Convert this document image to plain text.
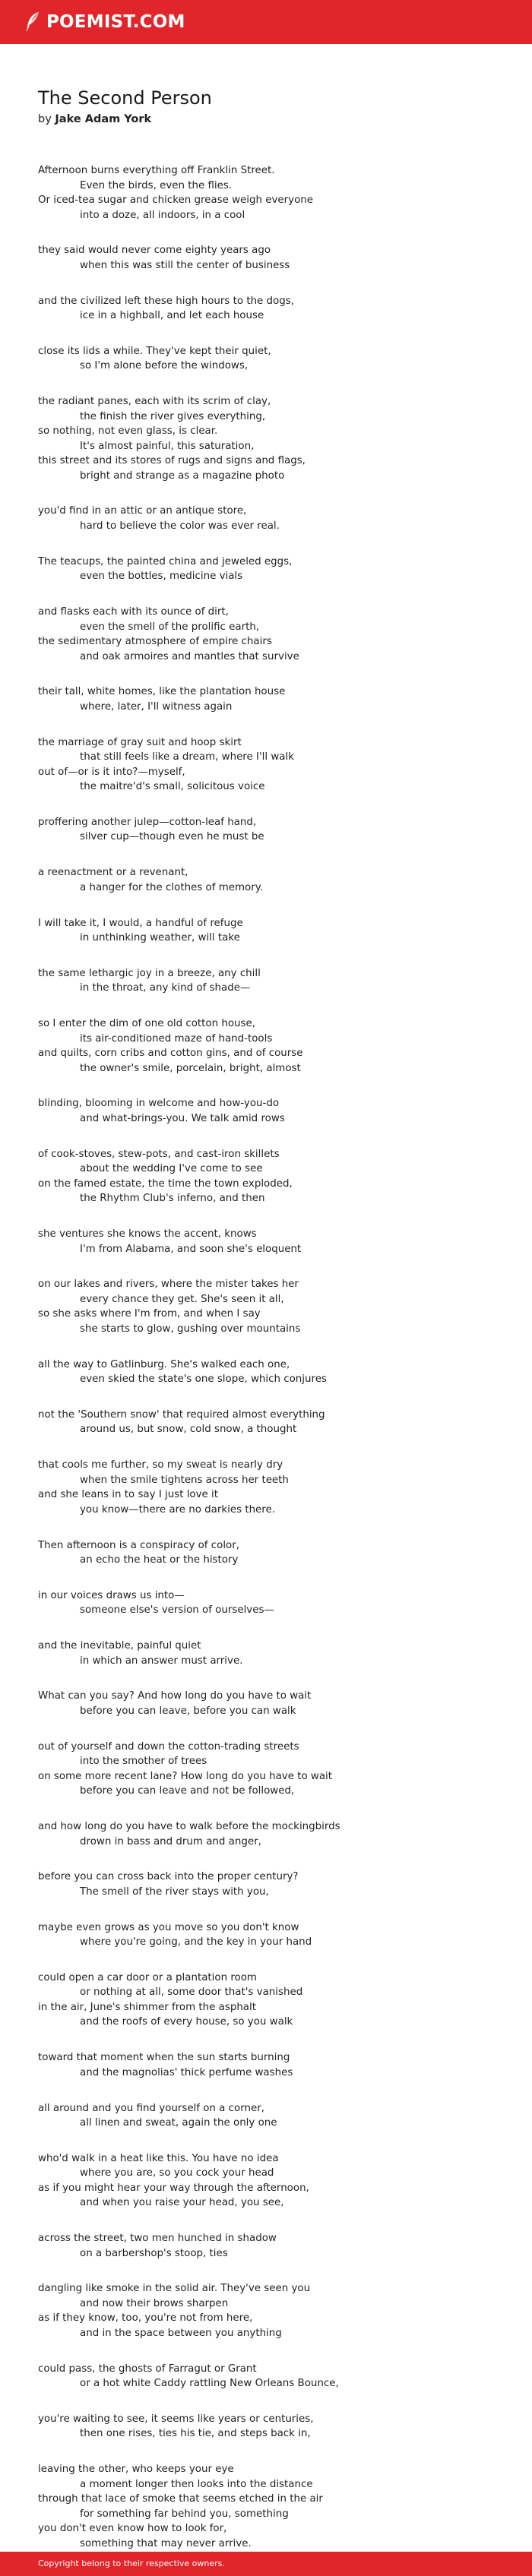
POEMIST.COM
The Second Person
by Jake Adam York
Afternoon burns everything off Franklin Street.
Even the birds, even the flies.
Or iced-tea sugar and chicken grease weigh everyone
into a doze, all indoors, in a cool
they said would never come eighty years ago
when this was still the center of business
and the civilized left these high hours to the dogs,
ice in a highball, and let each house
close its lids a while. They've kept their quiet,
so I'm alone before the windows,
the radiant panes, each with its scrim of clay,
the finish the river gives everything,
so nothing, not even glass, is clear.
It's almost painful, this saturation,
this street and its stores of rugs and signs and flags,
bright and strange as a magazine photo
you'd find in an attic or an antique store,
hard to believe the color was ever real.
The teacups, the painted china and jeweled eggs,
even the bottles, medicine vials
and flasks each with its ounce of dirt,
even the smell of the prolific earth,
the sedimentary atmosphere of empire chairs
and oak armoires and mantles that survive
their tall, white homes, like the plantation house
where, later, I'll witness again
the marriage of gray suit and hoop skirt
that still feels like a dream, where I'll walk
out of—or is it into?—myself,
the maitre'd's small, solicitous voice
proffering another julep—cotton-leaf hand,
silver cup—though even he must be
a reenactment or a revenant,
a hanger for the clothes of memory.
I will take it, I would, a handful of refuge
in unthinking weather, will take
the same lethargic joy in a breeze, any chill
in the throat, any kind of shade—
so I enter the dim of one old cotton house,
its air-conditioned maze of hand-tools
and quilts, corn cribs and cotton gins, and of course
the owner's smile, porcelain, bright, almost
blinding, blooming in welcome and how-you-do
and what-brings-you. We talk amid rows
of cook-stoves, stew-pots, and cast-iron skillets
about the wedding I've come to see
on the famed estate, the time the town exploded,
the Rhythm Club's inferno, and then
she ventures she knows the accent, knows
I'm from Alabama, and soon she's eloquent
on our lakes and rivers, where the mister takes her
every chance they get. She's seen it all,
so she asks where I'm from, and when I say
she starts to glow, gushing over mountains
all the way to Gatlinburg. She's walked each one,
even skied the state's one slope, which conjures
not the 'Southern snow' that required almost everything
around us, but snow, cold snow, a thought
that cools me further, so my sweat is nearly dry
when the smile tightens across her teeth
and she leans in to say I just love it
you know—there are no darkies there.
Then afternoon is a conspiracy of color,
an echo the heat or the history
in our voices draws us into—
someone else's version of ourselves—
and the inevitable, painful quiet
in which an answer must arrive.
What can you say? And how long do you have to wait
before you can leave, before you can walk
out of yourself and down the cotton-trading streets
into the smother of trees
on some more recent lane? How long do you have to wait
before you can leave and not be followed,
and how long do you have to walk before the mockingbirds
drown in bass and drum and anger,
before you can cross back into the proper century?
The smell of the river stays with you,
maybe even grows as you move so you don't know
where you're going, and the key in your hand
could open a car door or a plantation room
or nothing at all, some door that's vanished
in the air, June's shimmer from the asphalt
and the roofs of every house, so you walk
toward that moment when the sun starts burning
and the magnolias' thick perfume washes
all around and you find yourself on a corner,
all linen and sweat, again the only one
who'd walk in a heat like this. You have no idea
where you are, so you cock your head
as if you might hear your way through the afternoon,
and when you raise your head, you see,
across the street, two men hunched in shadow
on a barbershop's stoop, ties
dangling like smoke in the solid air. They've seen you
and now their brows sharpen
as if they know, too, you're not from here,
and in the space between you anything
could pass, the ghosts of Farragut or Grant
or a hot white Caddy rattling New Orleans Bounce,
you're waiting to see, it seems like years or centuries,
then one rises, ties his tie, and steps back in,
leaving the other, who keeps your eye
a moment longer then looks into the distance
through that lace of smoke that seems etched in the air
for something far behind you, something
you don't even know how to look for,
something that may never arrive.
Copyright belong to their respective owners.
